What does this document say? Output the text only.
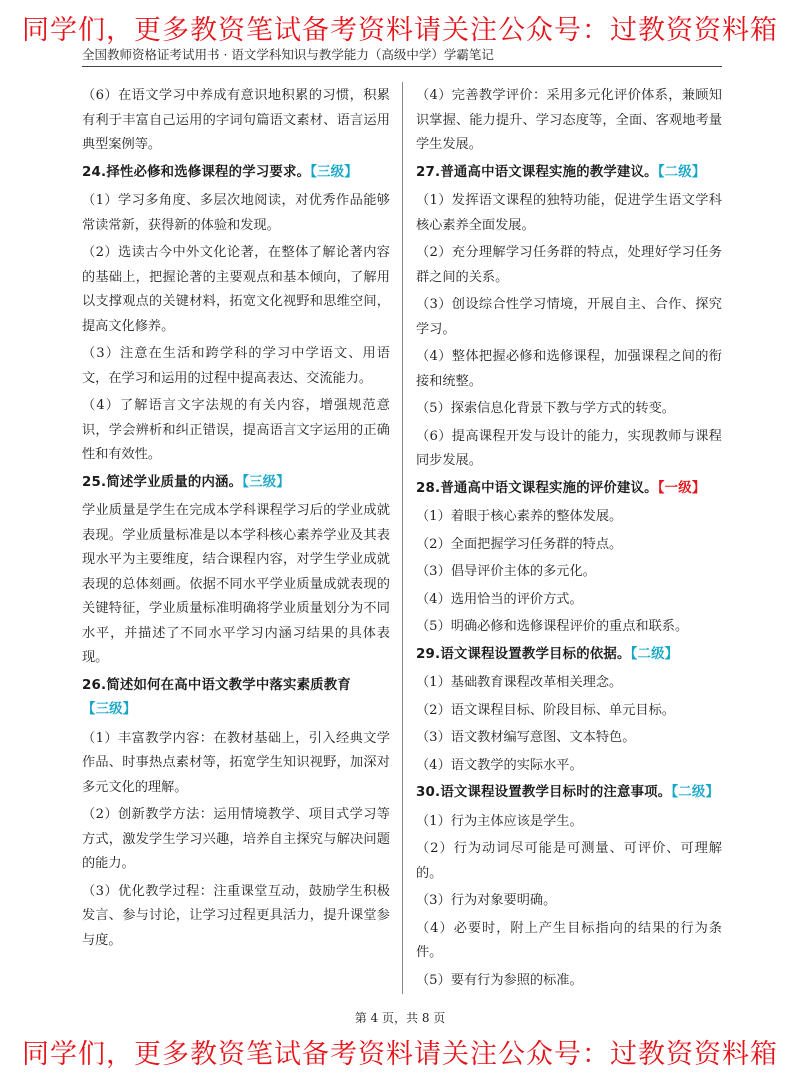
同学们，更多教资笔试备考资料请关注公众号：过教资资料箱
全国教师资格证考试用书 · 语文学科知识与教学能力（高级中学）学霸笔记

（6）在语文学习中养成有意识地积累的习惯，积累有利于丰富自己运用的字词句篇语文素材、语言运用典型案例等。

24.择性必修和选修课程的学习要求。【三级】

（1）学习多角度、多层次地阅读，对优秀作品能够常读常新，获得新的体验和发现。

（2）选读古今中外文化论著，在整体了解论著内容的基础上，把握论著的主要观点和基本倾向，了解用以支撑观点的关键材料，拓宽文化视野和思维空间，提高文化修养。

（3）注意在生活和跨学科的学习中学语文、用语文，在学习和运用的过程中提高表达、交流能力。

（4）了解语言文字法规的有关内容，增强规范意识，学会辨析和纠正错误，提高语言文字运用的正确性和有效性。

25.简述学业质量的内涵。【三级】

学业质量是学生在完成本学科课程学习后的学业成就表现。学业质量标准是以本学科核心素养学业及其表现水平为主要维度，结合课程内容，对学生学业成就表现的总体刻画。依据不同水平学业质量成就表现的关键特征，学业质量标准明确将学业质量划分为不同水平，并描述了不同水平学习内涵习结果的具体表现。

26.简述如何在高中语文教学中落实素质教育
【三级】

（1）丰富教学内容：在教材基础上，引入经典文学作品、时事热点素材等，拓宽学生知识视野，加深对多元文化的理解。

（2）创新教学方法：运用情境教学、项目式学习等方式，激发学生学习兴趣，培养自主探究与解决问题的能力。

（3）优化教学过程：注重课堂互动，鼓励学生积极发言、参与讨论，让学习过程更具活力，提升课堂参与度。

（4）完善教学评价：采用多元化评价体系，兼顾知识掌握、能力提升、学习态度等，全面、客观地考量学生发展。

27.普通高中语文课程实施的教学建议。【二级】

（1）发挥语文课程的独特功能，促进学生语文学科核心素养全面发展。

（2）充分理解学习任务群的特点，处理好学习任务群之间的关系。

（3）创设综合性学习情境，开展自主、合作、探究学习。

（4）整体把握必修和选修课程，加强课程之间的衔接和统整。

（5）探索信息化背景下教与学方式的转变。

（6）提高课程开发与设计的能力，实现教师与课程同步发展。

28.普通高中语文课程实施的评价建议。【一级】

（1）着眼于核心素养的整体发展。

（2）全面把握学习任务群的特点。

（3）倡导评价主体的多元化。

（4）选用恰当的评价方式。

（5）明确必修和选修课程评价的重点和联系。

29.语文课程设置教学目标的依据。【二级】

（1）基础教育课程改革相关理念。

（2）语文课程目标、阶段目标、单元目标。

（3）语文教材编写意图、文本特色。

（4）语文教学的实际水平。

30.语文课程设置教学目标时的注意事项。【二级】

（1）行为主体应该是学生。

（2）行为动词尽可能是可测量、可评价、可理解的。

（3）行为对象要明确。

（4）必要时，附上产生目标指向的结果的行为条件。

（5）要有行为参照的标准。

第 4 页，共 8 页
同学们，更多教资笔试备考资料请关注公众号：过教资资料箱
